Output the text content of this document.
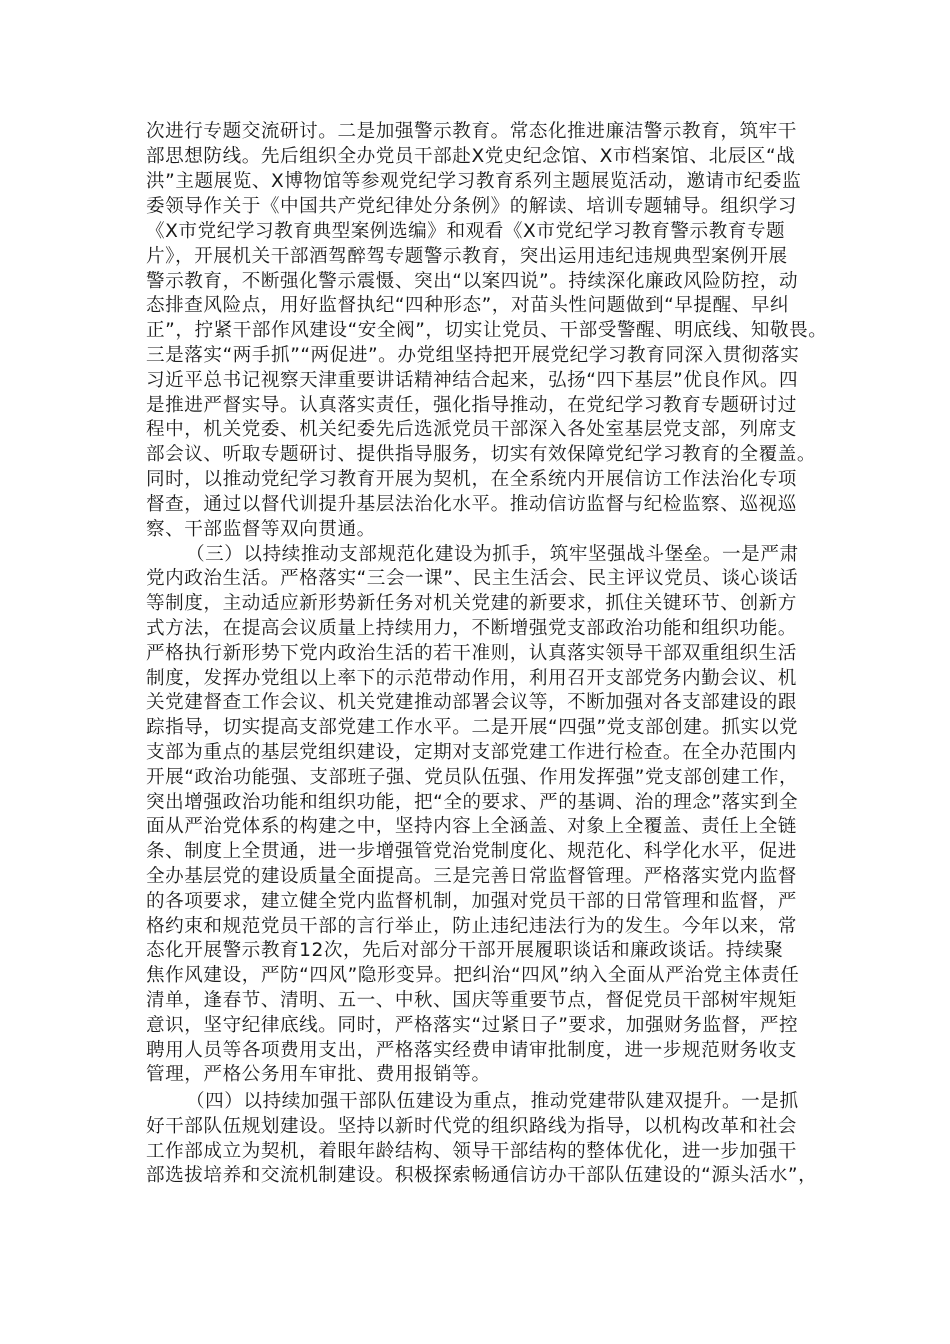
次进行专题交流研讨。二是加强警示教育。常态化推进廉洁警示教育，筑牢干
部思想防线。先后组织全办党员干部赴X党史纪念馆、X市档案馆、北辰区“战
洪”主题展览、X博物馆等参观党纪学习教育系列主题展览活动，邀请市纪委监
委领导作关于《中国共产党纪律处分条例》的解读、培训专题辅导。组织学习
《X市党纪学习教育典型案例选编》和观看《X市党纪学习教育警示教育专题
片》，开展机关干部酒驾醉驾专题警示教育，突出运用违纪违规典型案例开展
警示教育，不断强化警示震慑、突出“以案四说”。持续深化廉政风险防控，动
态排查风险点，用好监督执纪“四种形态”，对苗头性问题做到“早提醒、早纠
正”，拧紧干部作风建设“安全阀”，切实让党员、干部受警醒、明底线、知敬畏。
三是落实“两手抓”“两促进”。办党组坚持把开展党纪学习教育同深入贯彻落实
习近平总书记视察天津重要讲话精神结合起来，弘扬“四下基层”优良作风。四
是推进严督实导。认真落实责任，强化指导推动，在党纪学习教育专题研讨过
程中，机关党委、机关纪委先后选派党员干部深入各处室基层党支部，列席支
部会议、听取专题研讨、提供指导服务，切实有效保障党纪学习教育的全覆盖。
同时，以推动党纪学习教育开展为契机，在全系统内开展信访工作法治化专项
督查，通过以督代训提升基层法治化水平。推动信访监督与纪检监察、巡视巡
察、干部监督等双向贯通。
（三）以持续推动支部规范化建设为抓手，筑牢坚强战斗堡垒。一是严肃
党内政治生活。严格落实“三会一课”、民主生活会、民主评议党员、谈心谈话
等制度，主动适应新形势新任务对机关党建的新要求，抓住关键环节、创新方
式方法，在提高会议质量上持续用力，不断增强党支部政治功能和组织功能。
严格执行新形势下党内政治生活的若干准则，认真落实领导干部双重组织生活
制度，发挥办党组以上率下的示范带动作用，利用召开支部党务内勤会议、机
关党建督查工作会议、机关党建推动部署会议等，不断加强对各支部建设的跟
踪指导，切实提高支部党建工作水平。二是开展“四强”党支部创建。抓实以党
支部为重点的基层党组织建设，定期对支部党建工作进行检查。在全办范围内
开展“政治功能强、支部班子强、党员队伍强、作用发挥强”党支部创建工作，
突出增强政治功能和组织功能，把“全的要求、严的基调、治的理念”落实到全
面从严治党体系的构建之中，坚持内容上全涵盖、对象上全覆盖、责任上全链
条、制度上全贯通，进一步增强管党治党制度化、规范化、科学化水平，促进
全办基层党的建设质量全面提高。三是完善日常监督管理。严格落实党内监督
的各项要求，建立健全党内监督机制，加强对党员干部的日常管理和监督，严
格约束和规范党员干部的言行举止，防止违纪违法行为的发生。今年以来，常
态化开展警示教育12次，先后对部分干部开展履职谈话和廉政谈话。持续聚
焦作风建设，严防“四风”隐形变异。把纠治“四风”纳入全面从严治党主体责任
清单，逢春节、清明、五一、中秋、国庆等重要节点，督促党员干部树牢规矩
意识，坚守纪律底线。同时，严格落实“过紧日子”要求，加强财务监督，严控
聘用人员等各项费用支出，严格落实经费申请审批制度，进一步规范财务收支
管理，严格公务用车审批、费用报销等。
（四）以持续加强干部队伍建设为重点，推动党建带队建双提升。一是抓
好干部队伍规划建设。坚持以新时代党的组织路线为指导，以机构改革和社会
工作部成立为契机，着眼年龄结构、领导干部结构的整体优化，进一步加强干
部选拔培养和交流机制建设。积极探索畅通信访办干部队伍建设的“源头活水”，
